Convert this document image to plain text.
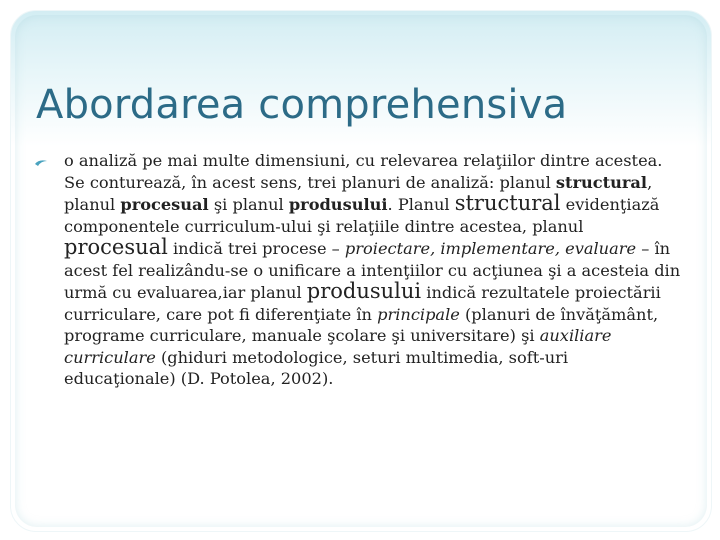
Abordarea comprehensiva

o analiză pe mai multe dimensiuni, cu relevarea relaţiilor dintre acestea. Se conturează, în acest sens, trei planuri de analiză: planul structural, planul procesual şi planul produsului. Planul structural evidenţiază componentele curriculum-ului şi relaţiile dintre acestea, planul procesual indică trei procese – proiectare, implementare, evaluare – în acest fel realizându-se o unificare a intenţiilor cu acţiunea şi a acesteia din urmă cu evaluarea,iar planul produsului indică rezultatele proiectării curriculare, care pot fi diferenţiate în principale (planuri de învăţământ, programe curriculare, manuale şcolare şi universitare) şi auxiliare curriculare (ghiduri metodologice, seturi multimedia, soft-uri educaţionale) (D. Potolea, 2002).
